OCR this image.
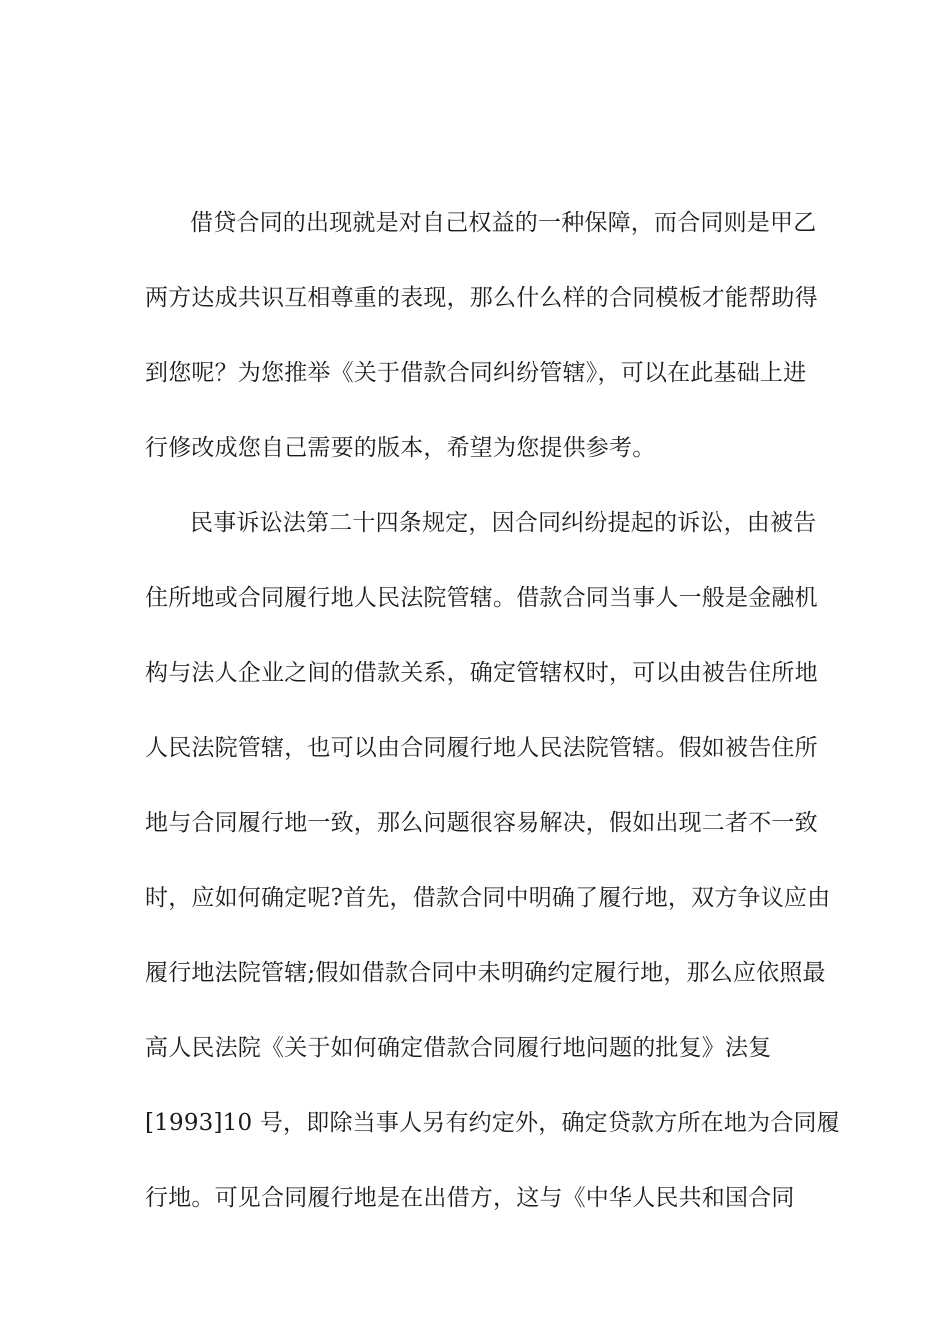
借贷合同的出现就是对自己权益的一种保障，而合同则是甲乙
两方达成共识互相尊重的表现，那么什么样的合同模板才能帮助得
到您呢？为您推举《关于借款合同纠纷管辖》，可以在此基础上进
行修改成您自己需要的版本，希望为您提供参考。
民事诉讼法第二十四条规定，因合同纠纷提起的诉讼，由被告
住所地或合同履行地人民法院管辖。借款合同当事人一般是金融机
构与法人企业之间的借款关系，确定管辖权时，可以由被告住所地
人民法院管辖，也可以由合同履行地人民法院管辖。假如被告住所
地与合同履行地一致，那么问题很容易解决，假如出现二者不一致
时，应如何确定呢?首先，借款合同中明确了履行地，双方争议应由
履行地法院管辖;假如借款合同中未明确约定履行地，那么应依照最
高人民法院《关于如何确定借款合同履行地问题的批复》法复
[1993]10 号，即除当事人另有约定外，确定贷款方所在地为合同履
行地。可见合同履行地是在出借方，这与《中华人民共和国合同
